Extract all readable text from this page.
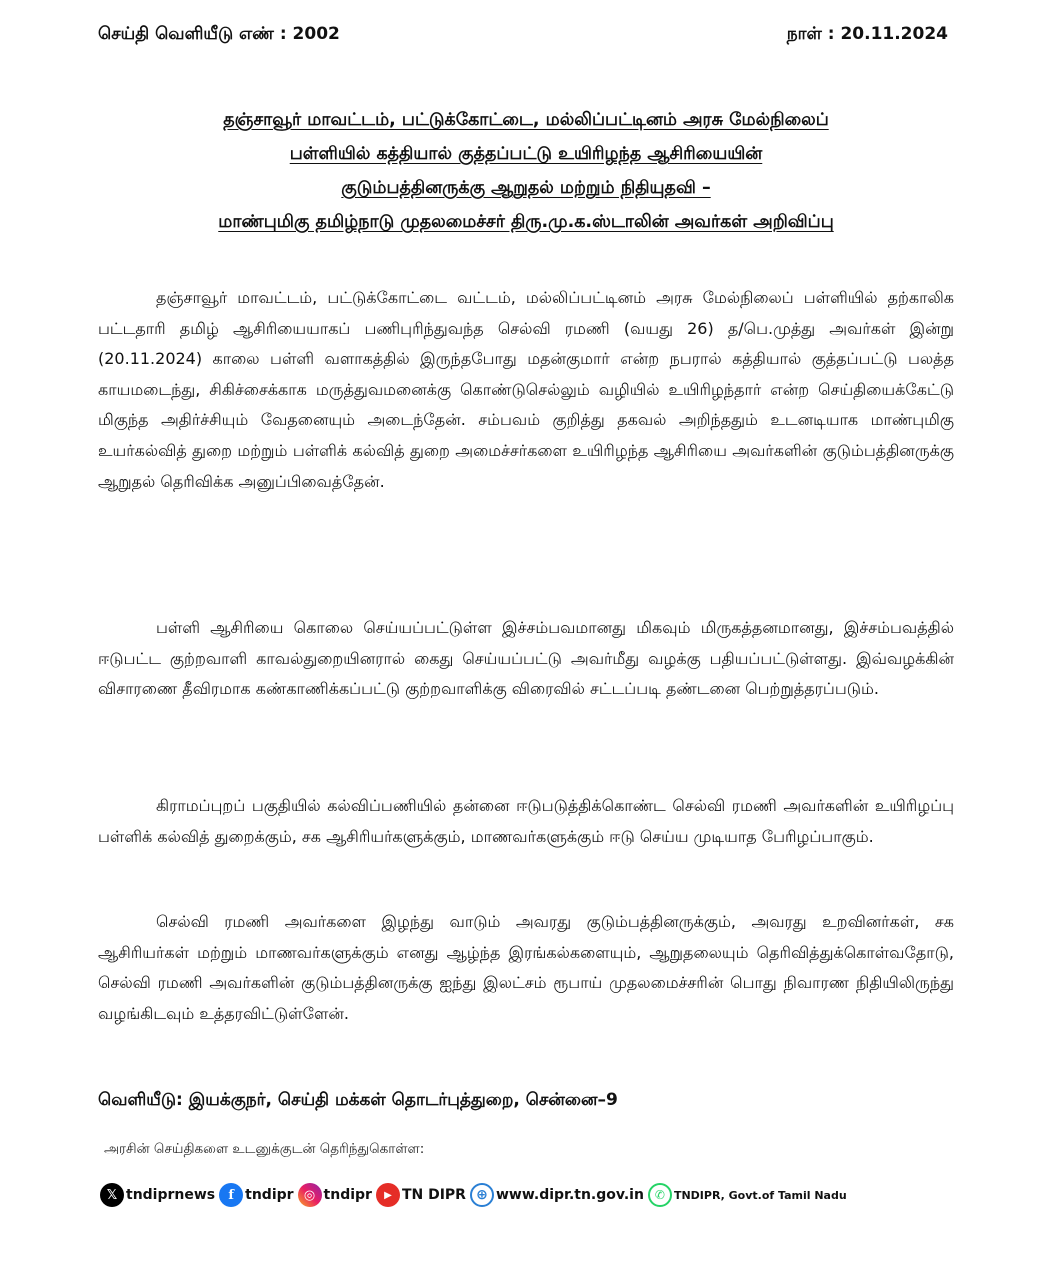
செய்தி வெளியீடு எண் : 2002	நாள் : 20.11.2024
தஞ்சாவூர் மாவட்டம், பட்டுக்கோட்டை, மல்லிப்பட்டினம் அரசு மேல்நிலைப்
பள்ளியில் கத்தியால் குத்தப்பட்டு உயிரிழந்த ஆசிரியையின்
குடும்பத்தினருக்கு ஆறுதல் மற்றும் நிதியுதவி –
மாண்புமிகு தமிழ்நாடு முதலமைச்சர் திரு.மு.க.ஸ்டாலின் அவர்கள் அறிவிப்பு

தஞ்சாவூர் மாவட்டம், பட்டுக்கோட்டை வட்டம், மல்லிப்பட்டினம் அரசு மேல்நிலைப் பள்ளியில் தற்காலிக பட்டதாரி தமிழ் ஆசிரியையாகப் பணிபுரிந்துவந்த செல்வி ரமணி (வயது 26) த/பெ.முத்து அவர்கள் இன்று (20.11.2024) காலை பள்ளி வளாகத்தில் இருந்தபோது மதன்குமார் என்ற நபரால் கத்தியால் குத்தப்பட்டு பலத்த காயமடைந்து, சிகிச்சைக்காக மருத்துவமனைக்கு கொண்டுசெல்லும் வழியில் உயிரிழந்தார் என்ற செய்தியைக்கேட்டு மிகுந்த அதிர்ச்சியும் வேதனையும் அடைந்தேன். சம்பவம் குறித்து தகவல் அறிந்ததும் உடனடியாக மாண்புமிகு உயர்கல்வித் துறை மற்றும் பள்ளிக் கல்வித் துறை அமைச்சர்களை உயிரிழந்த ஆசிரியை அவர்களின் குடும்பத்தினருக்கு ஆறுதல் தெரிவிக்க அனுப்பிவைத்தேன்.

பள்ளி ஆசிரியை கொலை செய்யப்பட்டுள்ள இச்சம்பவமானது மிகவும் மிருகத்தனமானது, இச்சம்பவத்தில் ஈடுபட்ட குற்றவாளி காவல்துறையினரால் கைது செய்யப்பட்டு அவர்மீது வழக்கு பதியப்பட்டுள்ளது. இவ்வழக்கின் விசாரணை தீவிரமாக கண்காணிக்கப்பட்டு குற்றவாளிக்கு விரைவில் சட்டப்படி தண்டனை பெற்றுத்தரப்படும்.

கிராமப்புறப் பகுதியில் கல்விப்பணியில் தன்னை ஈடுபடுத்திக்கொண்ட செல்வி ரமணி அவர்களின் உயிரிழப்பு பள்ளிக் கல்வித் துறைக்கும், சக ஆசிரியர்களுக்கும், மாணவர்களுக்கும் ஈடு செய்ய முடியாத பேரிழப்பாகும்.

செல்வி ரமணி அவர்களை இழந்து வாடும் அவரது குடும்பத்தினருக்கும், அவரது உறவினர்கள், சக ஆசிரியர்கள் மற்றும் மாணவர்களுக்கும் எனது ஆழ்ந்த இரங்கல்களையும், ஆறுதலையும் தெரிவித்துக்கொள்வதோடு, செல்வி ரமணி அவர்களின் குடும்பத்தினருக்கு ஐந்து இலட்சம் ரூபாய் முதலமைச்சரின் பொது நிவாரண நிதியிலிருந்து வழங்கிடவும் உத்தரவிட்டுள்ளேன்.

வெளியீடு: இயக்குநர், செய்தி மக்கள் தொடர்புத்துறை, சென்னை–9
அரசின் செய்திகளை உடனுக்குடன் தெரிந்துகொள்ள:
𝕏 tndiprnews	f tndipr ◎ tndipr	▶ TN DIPR ⊕ www.dipr.tn.gov.in ✆ TNDIPR, Govt.of Tamil Nadu
